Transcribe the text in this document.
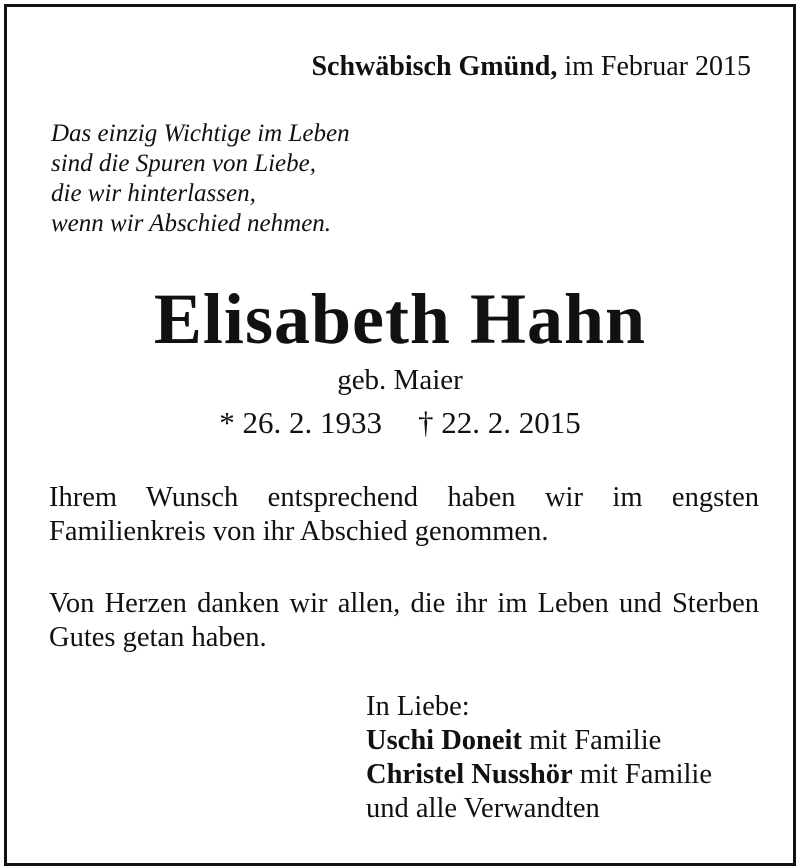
Schwäbisch Gmünd, im Februar 2015
Das einzig Wichtige im Leben
sind die Spuren von Liebe,
die wir hinterlassen,
wenn wir Abschied nehmen.
Elisabeth Hahn
geb. Maier
* 26. 2. 1933 † 22. 2. 2015
Ihrem Wunsch entsprechend haben wir im engsten Familienkreis von ihr Abschied genommen.
Von Herzen danken wir allen, die ihr im Leben und Sterben Gutes getan haben.
In Liebe:
Uschi Doneit mit Familie
Christel Nusshör mit Familie
und alle Verwandten
